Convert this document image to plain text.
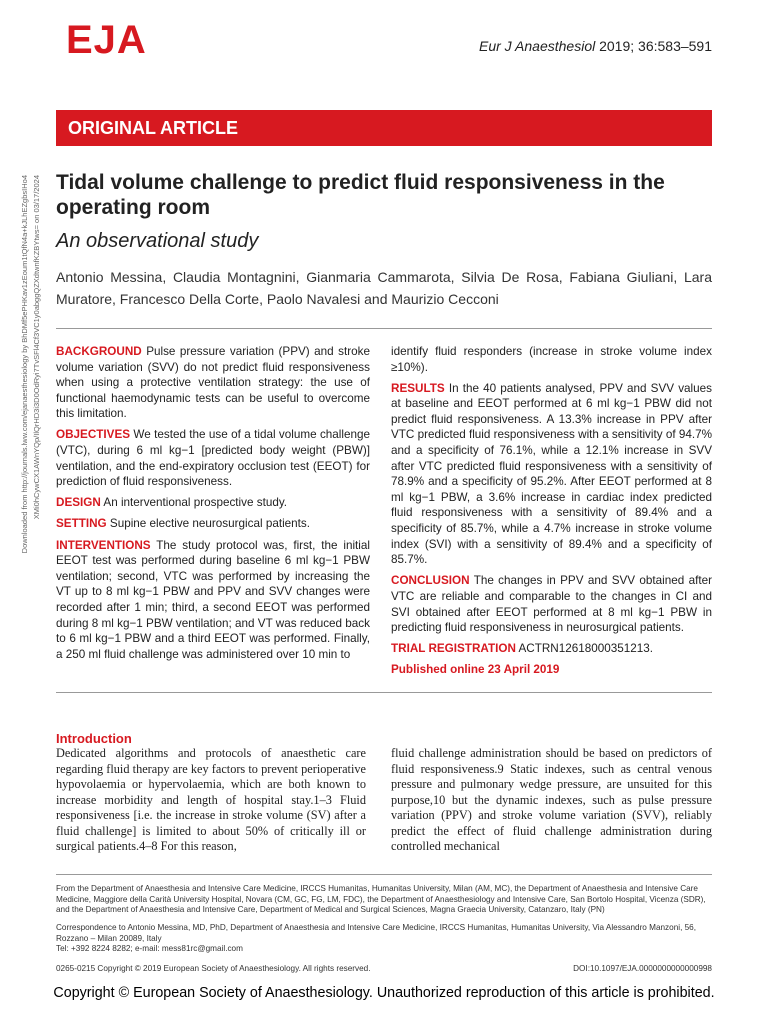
EJA	Eur J Anaesthesiol 2019; 36:583–591
ORIGINAL ARTICLE
Downloaded from http://journals.lww.com/ejanaesthesiology by BhDMf5ePHKav1zEoum1tQfN4a+kJLhEZgbsIHo4 XMi0hCywCX1AWnYQp/IlQrHD3i3D0OdRyi7TvSFl4Cf3VC1y0abggQZXdtwnfKZBYtws= on 03/17/2024 Tidal volume challenge to predict fluid responsiveness in the operating room
An observational study
Antonio Messina, Claudia Montagnini, Gianmaria Cammarota, Silvia De Rosa, Fabiana Giuliani, Lara Muratore, Francesco Della Corte, Paolo Navalesi and Maurizio Cecconi

BACKGROUND Pulse pressure variation (PPV) and stroke volume variation (SVV) do not predict fluid responsiveness when using a protective ventilation strategy: the use of functional haemodynamic tests can be useful to overcome this limitation.

OBJECTIVES We tested the use of a tidal volume challenge (VTC), during 6 ml kg−1 [predicted body weight (PBW)] ventilation, and the end-expiratory occlusion test (EEOT) for prediction of fluid responsiveness.

DESIGN An interventional prospective study.

SETTING Supine elective neurosurgical patients.

INTERVENTIONS The study protocol was, first, the initial EEOT test was performed during baseline 6 ml kg−1 PBW ventilation; second, VTC was performed by increasing the VT up to 8 ml kg−1 PBW and PPV and SVV changes were recorded after 1 min; third, a second EEOT was performed during 8 ml kg−1 PBW ventilation; and VT was reduced back to 6 ml kg−1 PBW and a third EEOT was performed. Finally, a 250 ml fluid challenge was administered over 10 min to

identify fluid responders (increase in stroke volume index ≥10%).

RESULTS In the 40 patients analysed, PPV and SVV values at baseline and EEOT performed at 6 ml kg−1 PBW did not predict fluid responsiveness. A 13.3% increase in PPV after VTC predicted fluid responsiveness with a sensitivity of 94.7% and a specificity of 76.1%, while a 12.1% increase in SVV after VTC predicted fluid responsiveness with a sensitivity of 78.9% and a specificity of 95.2%. After EEOT performed at 8 ml kg−1 PBW, a 3.6% increase in cardiac index predicted fluid responsiveness with a sensitivity of 89.4% and a specificity of 85.7%, while a 4.7% increase in stroke volume index (SVI) with a sensitivity of 89.4% and a specificity of 85.7%.

CONCLUSION The changes in PPV and SVV obtained after VTC are reliable and comparable to the changes in CI and SVI obtained after EEOT performed at 8 ml kg−1 PBW in predicting fluid responsiveness in neurosurgical patients.

TRIAL REGISTRATION ACTRN12618000351213.

Published online 23 April 2019

Introduction

Dedicated algorithms and protocols of anaesthetic care regarding fluid therapy are key factors to prevent perioperative hypovolaemia or hypervolaemia, which are both known to increase morbidity and length of hospital stay.1–3 Fluid responsiveness [i.e. the increase in stroke volume (SV) after a fluid challenge] is limited to about 50% of critically ill or surgical patients.4–8 For this reason,

fluid challenge administration should be based on predictors of fluid responsiveness.9 Static indexes, such as central venous pressure and pulmonary wedge pressure, are unsuited for this purpose,10 but the dynamic indexes, such as pulse pressure variation (PPV) and stroke volume variation (SVV), reliably predict the effect of fluid challenge administration during controlled mechanical

From the Department of Anaesthesia and Intensive Care Medicine, IRCCS Humanitas, Humanitas University, Milan (AM, MC), the Department of Anaesthesia and Intensive Care Medicine, Maggiore della Carità University Hospital, Novara (CM, GC, FG, LM, FDC), the Department of Anaesthesiology and Intensive Care, San Bortolo Hospital, Vicenza (SDR), and the Department of Anaesthesia and Intensive Care, Department of Medical and Surgical Sciences, Magna Graecia University, Catanzaro, Italy (PN)

Correspondence to Antonio Messina, MD, PhD, Department of Anaesthesia and Intensive Care Medicine, IRCCS Humanitas, Humanitas University, Via Alessandro Manzoni, 56, Rozzano – Milan 20089, Italy

Tel: +392 8224 8282; e-mail: mess81rc@gmail.com

0265-0215 Copyright © 2019 European Society of Anaesthesiology. All rights reserved.	DOI:10.1097/EJA.0000000000000998
Copyright © European Society of Anaesthesiology. Unauthorized reproduction of this article is prohibited.
